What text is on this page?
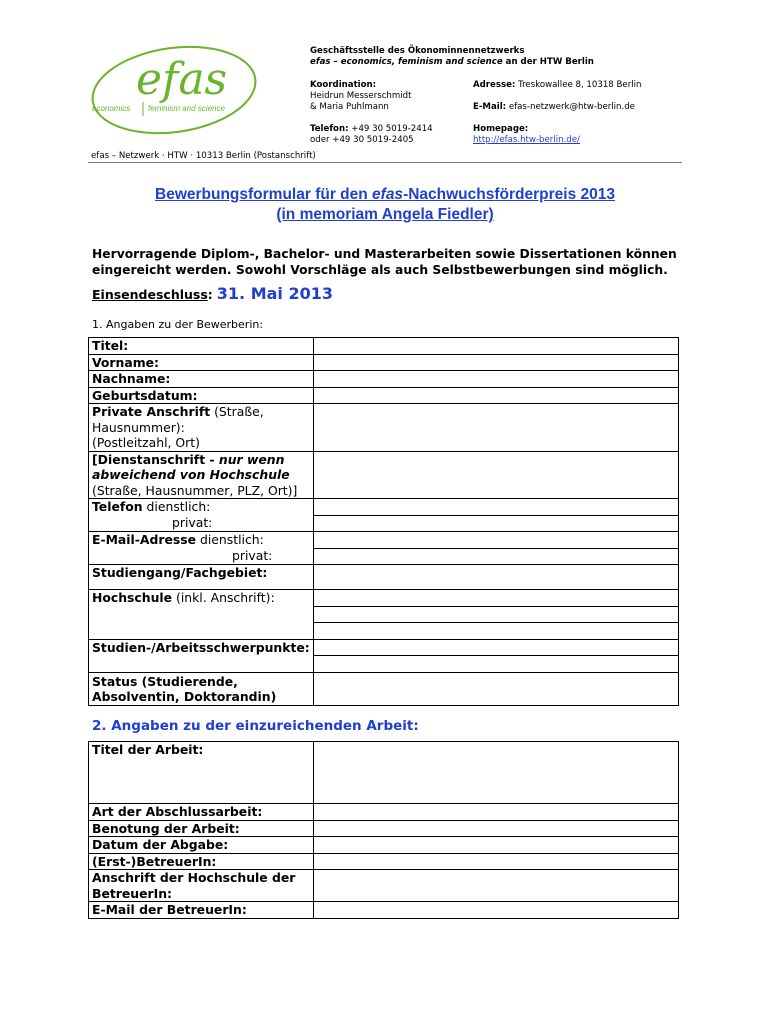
efas
economics feminism and science
Geschäftsstelle des Ökonominnennetzwerks
efas – economics, feminism and science an der HTW Berlin
Koordination:
Heidrun Messerschmidt
& Maria Puhlmann
Telefon: +49 30 5019-2414
oder +49 30 5019-2405
Adresse: Treskowallee 8, 10318 Berlin
E-Mail: efas-netzwerk@htw-berlin.de
Homepage:
http://efas.htw-berlin.de/
efas – Netzwerk · HTW · 10313 Berlin (Postanschrift)
Bewerbungsformular für den efas-Nachwuchsförderpreis 2013
(in memoriam Angela Fiedler)
Hervorragende Diplom-, Bachelor- und Masterarbeiten sowie Dissertationen können eingereicht werden. Sowohl Vorschläge als auch Selbstbewerbungen sind möglich.
Einsendeschluss: 31. Mai 2013
1. Angaben zu der Bewerberin:
Titel:	
Vorname:	
Nachname:	
Geburtsdatum:	
Private Anschrift (Straße,
Hausnummer):
(Postleitzahl, Ort)	
[Dienstanschrift - nur wenn abweichend von Hochschule
(Straße, Hausnummer, PLZ, Ort)]	
Telefon dienstlich:
privat:	

E-Mail-Adresse dienstlich:
privat:	

Studiengang/Fachgebiet:	
Hochschule (inkl. Anschrift):	

Studien-/Arbeitsschwerpunkte:	

Status (Studierende, Absolventin, Doktorandin)	
2. Angaben zu der einzureichenden Arbeit:
Titel der Arbeit:	
Art der Abschlussarbeit:	
Benotung der Arbeit:	
Datum der Abgabe:	
(Erst-)BetreuerIn:	
Anschrift der Hochschule der BetreuerIn:	
E-Mail der BetreuerIn:	
